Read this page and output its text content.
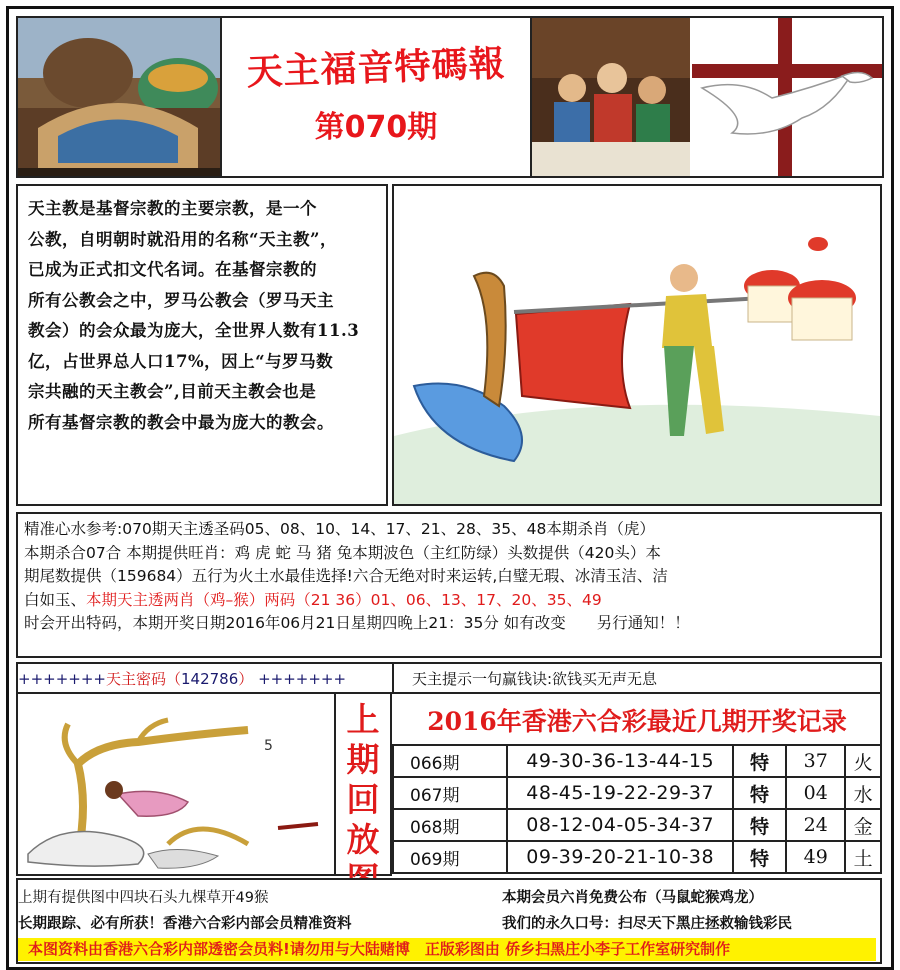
天主福音特碼報
第070期

天主教是基督宗教的主要宗教，是一个

公教，自明朝时就沿用的名称“天主教”，

已成为正式扣文代名词。在基督宗教的

所有公教会之中，罗马公教会（罗马天主

教会）的会众最为庞大，全世界人数有11.3

亿，占世界总人口17%，因上“与罗马数

宗共融的天主教会”,目前天主教会也是

所有基督宗教的教会中最为庞大的教会。

精准心水参考:070期天主透圣码05、08、10、14、17、21、28、35、48本期杀肖（虎）
本期杀合07合 本期提供旺肖：鸡 虎 蛇 马 猪 兔本期波色（主红防绿）头数提供（420头）本
期尾数提供（159684）五行为火土水最佳选择!六合无绝对时来运转,白璧无瑕、冰清玉洁、洁
白如玉、本期天主透两肖（鸡–猴）两码（21 36）01、06、13、17、20、35、49
时会开出特码，本期开奖日期2016年06月21日星期四晚上21：35分 如有改变　　另行通知！！
+++++++天主密码（142786） +++++++	天主提示一句赢钱诀:欲钱买无声无息
5
上
期
回
放
2016年香港六合彩最近几期开奖记录
066期	49-30-36-13-44-15	特	37	火
067期	48-45-19-22-29-37	特	04	水
068期	08-12-04-05-34-37	特	24	金
069期	09-39-20-21-10-38	特	49	土
上期有提供图中四块石头九棵草开49猴	本期会员六肖免费公布（马鼠蛇猴鸡龙）
长期跟踪、必有所获！香港六合彩内部会员精准资料	我们的永久口号：扫尽天下黑庄拯救输钱彩民
本图资料由香港六合彩内部透密会员料!请勿用与大陆赌博　正版彩图由 侨乡扫黑庄小李子工作室研究制作
